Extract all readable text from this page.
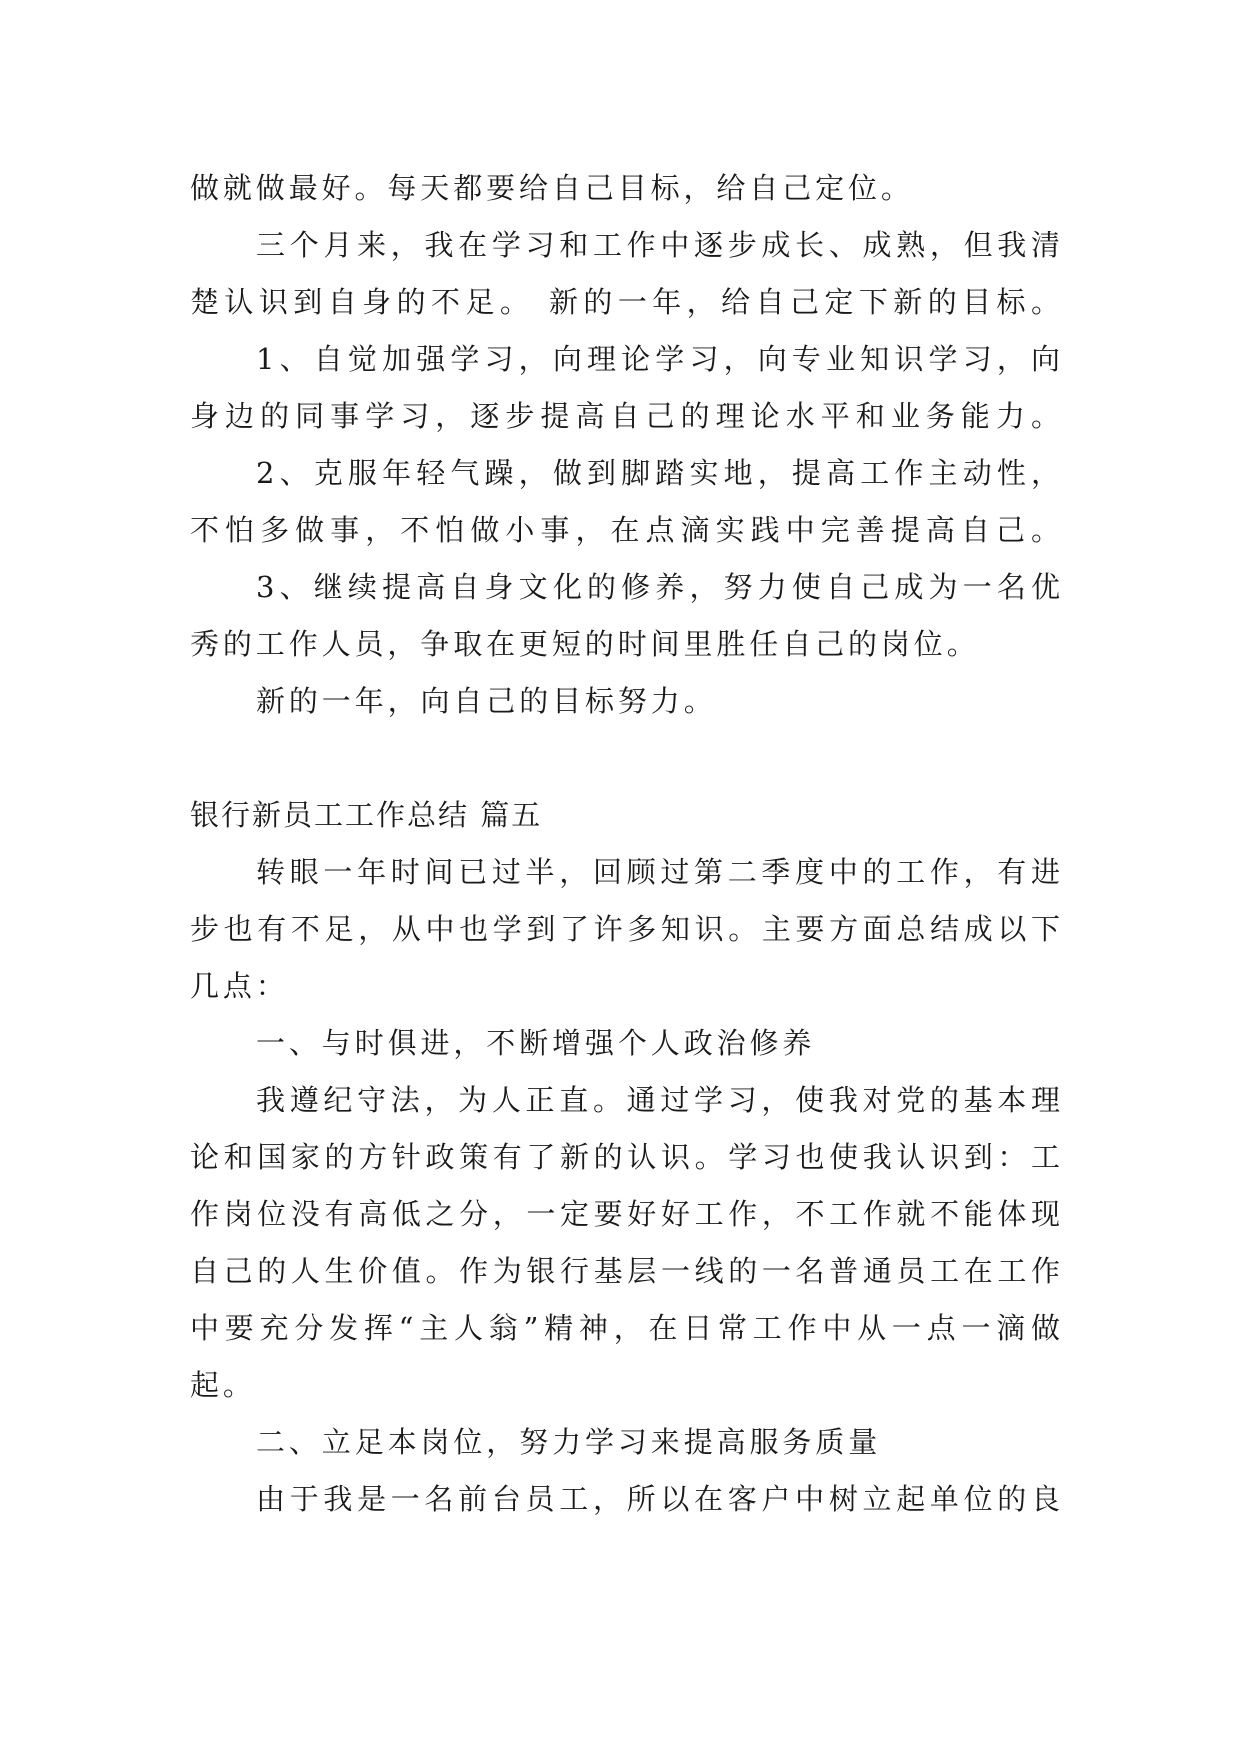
做就做最好。每天都要给自己目标，给自己定位。
三个月来，我在学习和工作中逐步成长、成熟，但我清
楚认识到自身的不足。 新的一年，给自己定下新的目标。
1、自觉加强学习，向理论学习，向专业知识学习，向
身边的同事学习，逐步提高自己的理论水平和业务能力。
2、克服年轻气躁，做到脚踏实地，提高工作主动性，
不怕多做事，不怕做小事，在点滴实践中完善提高自己。
3、继续提高自身文化的修养，努力使自己成为一名优
秀的工作人员，争取在更短的时间里胜任自己的岗位。
新的一年，向自己的目标努力。
银行新员工工作总结 篇五
转眼一年时间已过半，回顾过第二季度中的工作，有进
步也有不足，从中也学到了许多知识。主要方面总结成以下
几点：
一、与时俱进，不断增强个人政治修养
我遵纪守法，为人正直。通过学习，使我对党的基本理
论和国家的方针政策有了新的认识。学习也使我认识到：工
作岗位没有高低之分，一定要好好工作，不工作就不能体现
自己的人生价值。作为银行基层一线的一名普通员工在工作
中要充分发挥“主人翁”精神，在日常工作中从一点一滴做
起。
二、立足本岗位，努力学习来提高服务质量
由于我是一名前台员工，所以在客户中树立起单位的良
